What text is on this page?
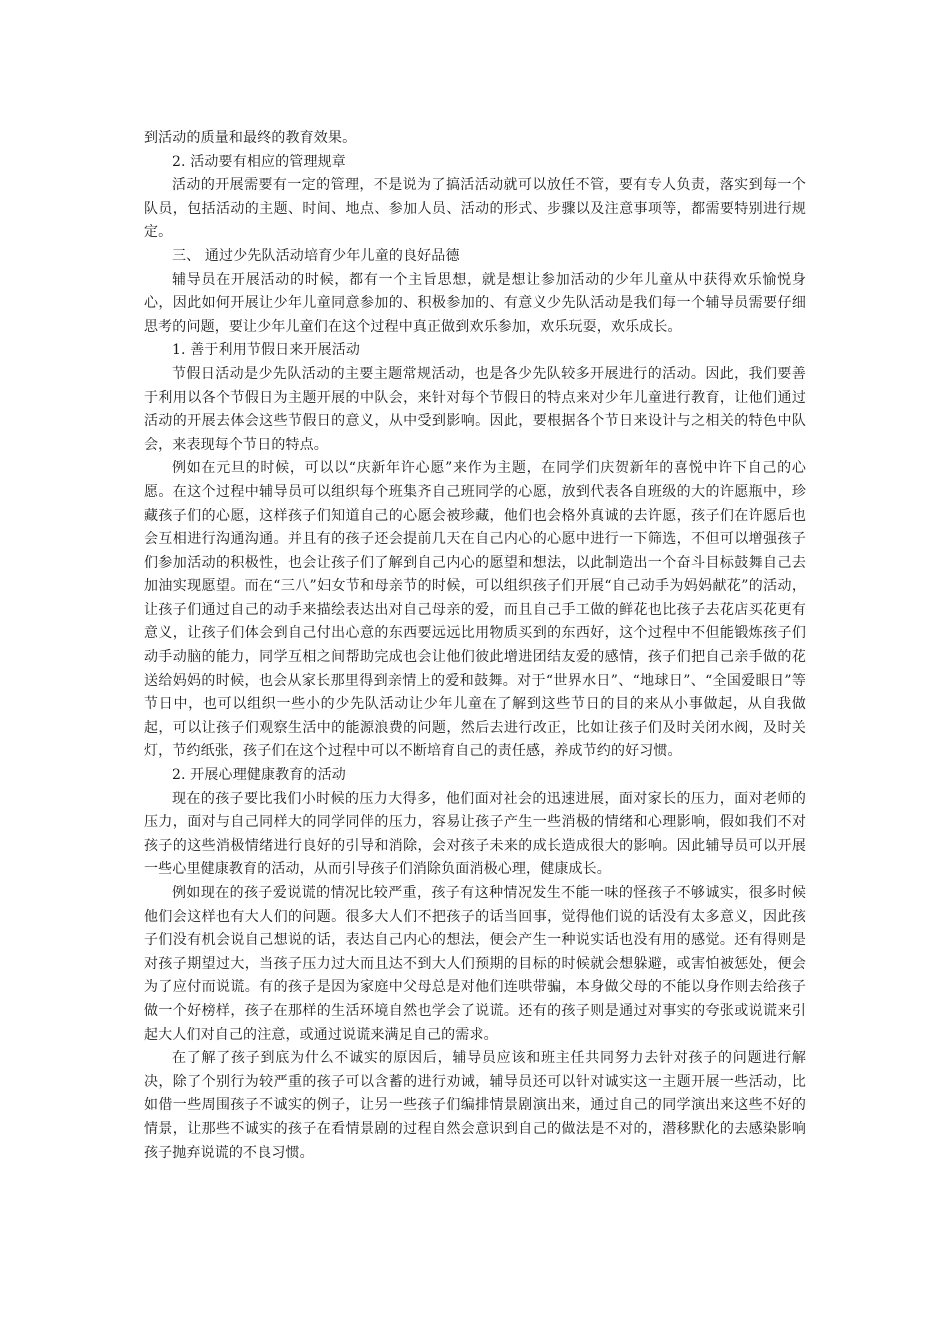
到活动的质量和最终的教育效果。

2. 活动要有相应的管理规章

活动的开展需要有一定的管理，不是说为了搞活活动就可以放任不管，要有专人负责，落实到每一个队员，包括活动的主题、时间、地点、参加人员、活动的形式、步骤以及注意事项等，都需要特别进行规定。

三、 通过少先队活动培育少年儿童的良好品德

辅导员在开展活动的时候，都有一个主旨思想，就是想让参加活动的少年儿童从中获得欢乐愉悦身心，因此如何开展让少年儿童同意参加的、积极参加的、有意义少先队活动是我们每一个辅导员需要仔细思考的问题，要让少年儿童们在这个过程中真正做到欢乐参加，欢乐玩耍，欢乐成长。

1. 善于利用节假日来开展活动

节假日活动是少先队活动的主要主题常规活动，也是各少先队较多开展进行的活动。因此，我们要善于利用以各个节假日为主题开展的中队会，来针对每个节假日的特点来对少年儿童进行教育，让他们通过活动的开展去体会这些节假日的意义，从中受到影响。因此，要根据各个节日来设计与之相关的特色中队会，来表现每个节日的特点。

例如在元旦的时候，可以以“庆新年许心愿”来作为主题，在同学们庆贺新年的喜悦中许下自己的心愿。在这个过程中辅导员可以组织每个班集齐自己班同学的心愿，放到代表各自班级的大的许愿瓶中，珍藏孩子们的心愿，这样孩子们知道自己的心愿会被珍藏，他们也会格外真诚的去许愿，孩子们在许愿后也会互相进行沟通沟通。并且有的孩子还会提前几天在自己内心的心愿中进行一下筛选，不但可以增强孩子们参加活动的积极性，也会让孩子们了解到自己内心的愿望和想法，以此制造出一个奋斗目标鼓舞自己去加油实现愿望。而在“三八”妇女节和母亲节的时候，可以组织孩子们开展“自己动手为妈妈献花”的活动，让孩子们通过自己的动手来描绘表达出对自己母亲的爱，而且自己手工做的鲜花也比孩子去花店买花更有意义，让孩子们体会到自己付出心意的东西要远远比用物质买到的东西好，这个过程中不但能锻炼孩子们动手动脑的能力，同学互相之间帮助完成也会让他们彼此增进团结友爱的感情，孩子们把自己亲手做的花送给妈妈的时候，也会从家长那里得到亲情上的爱和鼓舞。对于“世界水日”、“地球日”、“全国爱眼日”等节日中，也可以组织一些小的少先队活动让少年儿童在了解到这些节日的目的来从小事做起，从自我做起，可以让孩子们观察生活中的能源浪费的问题，然后去进行改正，比如让孩子们及时关闭水阀，及时关灯，节约纸张，孩子们在这个过程中可以不断培育自己的责任感，养成节约的好习惯。

2. 开展心理健康教育的活动

现在的孩子要比我们小时候的压力大得多，他们面对社会的迅速进展，面对家长的压力，面对老师的压力，面对与自己同样大的同学同伴的压力，容易让孩子产生一些消极的情绪和心理影响，假如我们不对孩子的这些消极情绪进行良好的引导和消除，会对孩子未来的成长造成很大的影响。因此辅导员可以开展一些心里健康教育的活动，从而引导孩子们消除负面消极心理，健康成长。

例如现在的孩子爱说谎的情况比较严重，孩子有这种情况发生不能一味的怪孩子不够诚实，很多时候他们会这样也有大人们的问题。很多大人们不把孩子的话当回事，觉得他们说的话没有太多意义，因此孩子们没有机会说自己想说的话，表达自己内心的想法，便会产生一种说实话也没有用的感觉。还有得则是对孩子期望过大，当孩子压力过大而且达不到大人们预期的目标的时候就会想躲避，或害怕被惩处，便会为了应付而说谎。有的孩子是因为家庭中父母总是对他们连哄带骗，本身做父母的不能以身作则去给孩子做一个好榜样，孩子在那样的生活环境自然也学会了说谎。还有的孩子则是通过对事实的夸张或说谎来引起大人们对自己的注意，或通过说谎来满足自己的需求。

在了解了孩子到底为什么不诚实的原因后，辅导员应该和班主任共同努力去针对孩子的问题进行解决，除了个别行为较严重的孩子可以含蓄的进行劝诫，辅导员还可以针对诚实这一主题开展一些活动，比如借一些周围孩子不诚实的例子，让另一些孩子们编排情景剧演出来，通过自己的同学演出来这些不好的情景，让那些不诚实的孩子在看情景剧的过程自然会意识到自己的做法是不对的，潜移默化的去感染影响孩子抛弃说谎的不良习惯。
